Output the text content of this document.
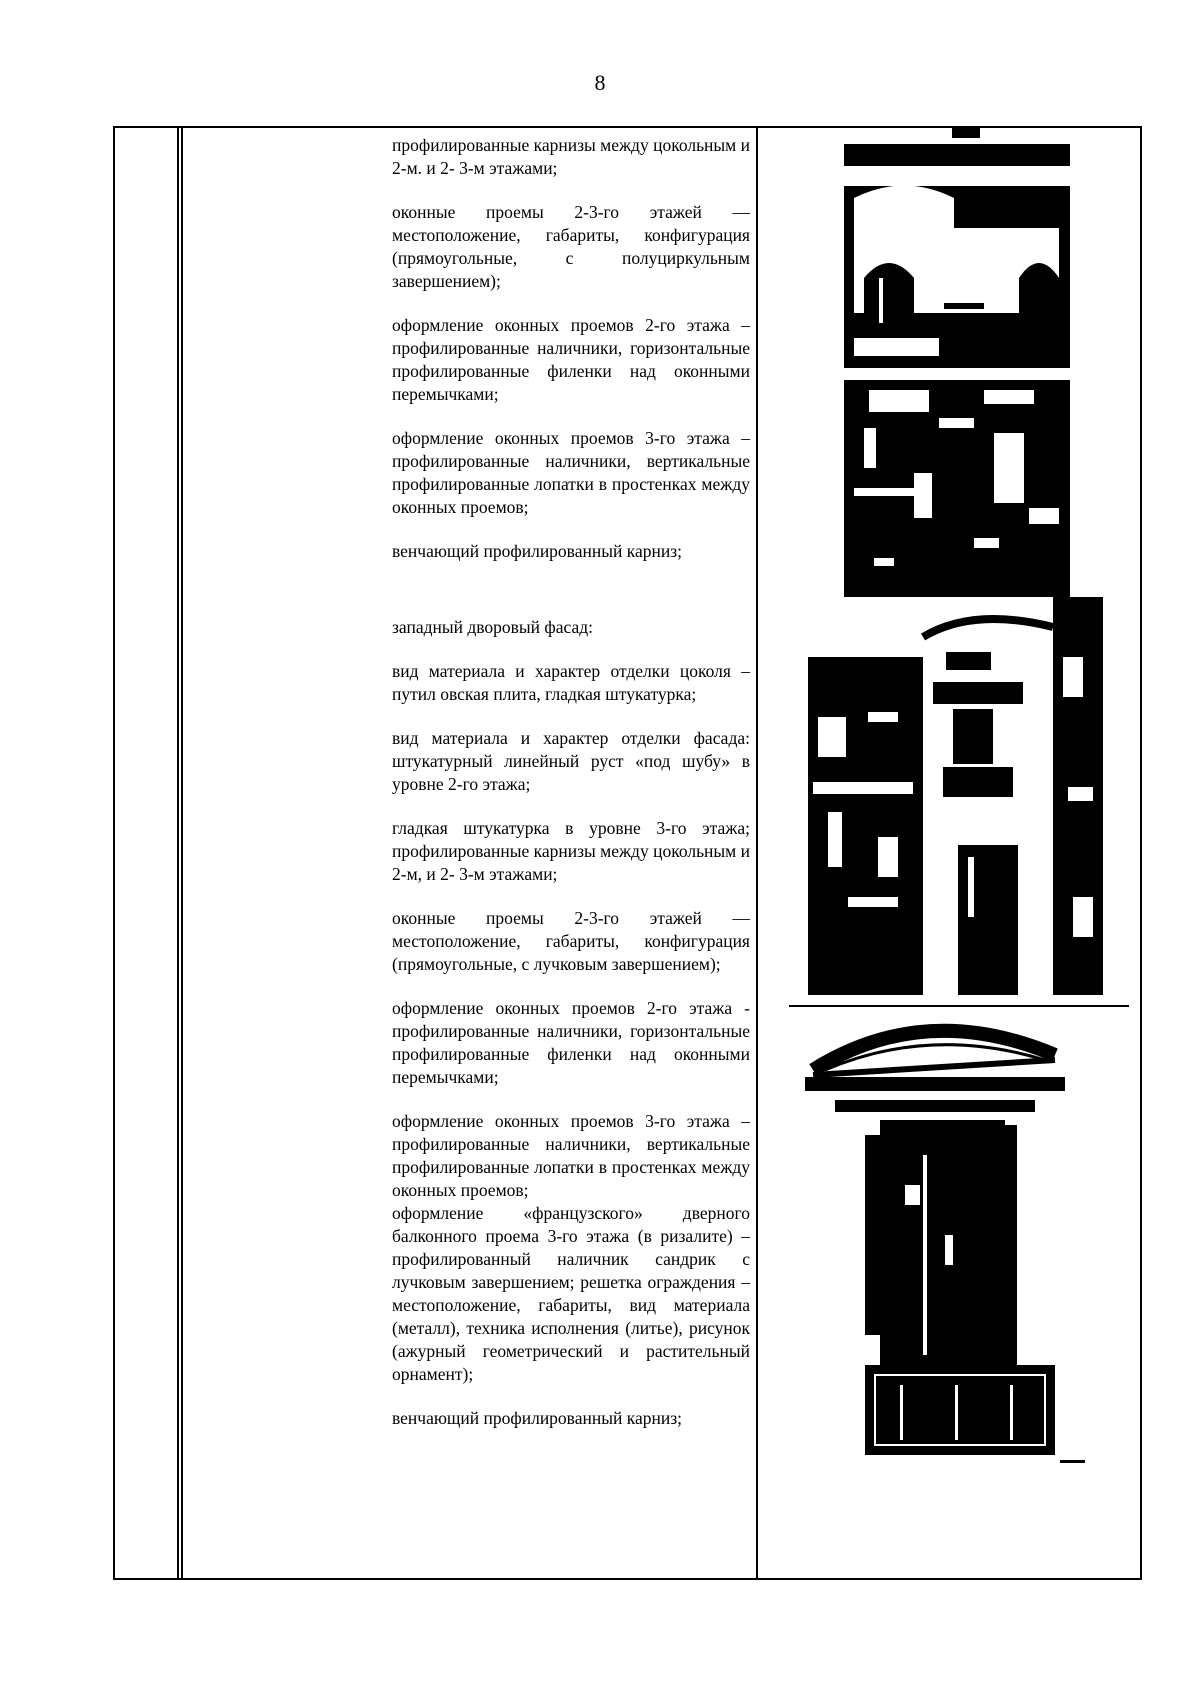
8

профилированные карнизы между цокольным и 2-м. и 2- 3-м этажами;

оконные проемы 2-3-го этажей — местоположение, габариты, конфигурация (прямоугольные, с полуциркульным завершением);

оформление оконных проемов 2-го этажа – профилированные наличники, горизонтальные профилированные филенки над оконными перемычками;

оформление оконных проемов 3-го этажа – профилированные наличники, вертикальные профилированные лопатки в простенках между оконных проемов;

венчающий профилированный карниз;

западный дворовый фасад:

вид материала и характер отделки цоколя – путил овская плита, гладкая штукатурка;

вид материала и характер отделки фасада: штукатурный линейный руст «под шубу» в уровне 2-го этажа;

гладкая штукатурка в уровне 3-го этажа; профилированные карнизы между цокольным и 2-м, и 2- 3-м этажами;

оконные проемы 2-3-го этажей — местоположение, габариты, конфигурация (прямоугольные, с лучковым завершением);

оформление оконных проемов 2-го этажа - профилированные наличники, горизонтальные профилированные филенки над оконными перемычками;

оформление оконных проемов 3-го этажа – профилированные наличники, вертикальные профилированные лопатки в простенках между оконных проемов;

оформление «французского» дверного балконного проема 3-го этажа (в ризалите) – профилированный наличник сандрик с лучковым завершением; решетка ограждения – местоположение, габариты, вид материала (металл), техника исполнения (литье), рисунок (ажурный геометрический и растительный орнамент);

венчающий профилированный карниз;
